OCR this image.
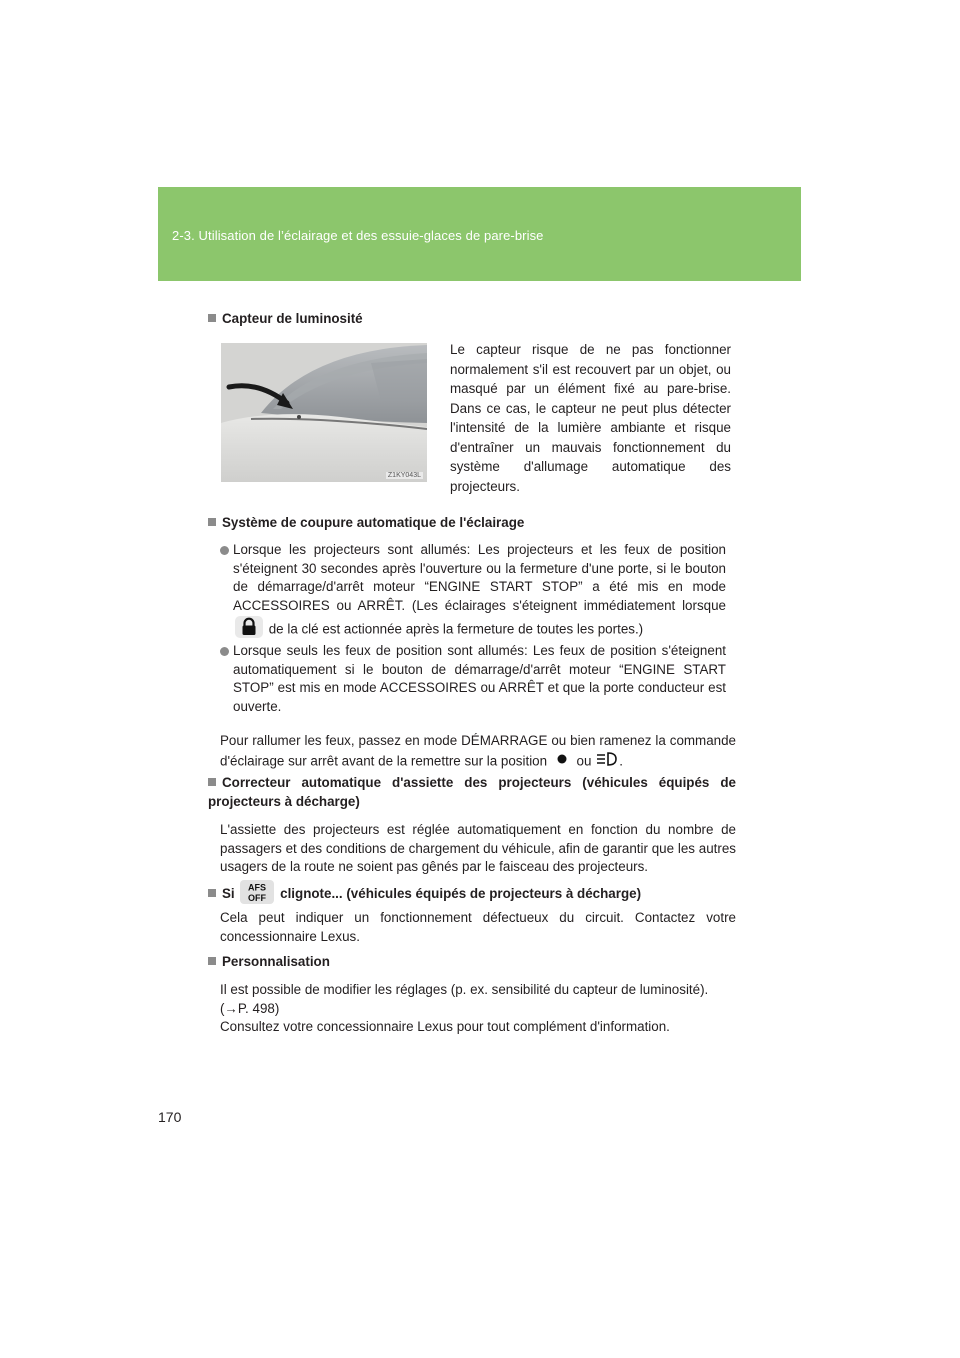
2-3. Utilisation de l’éclairage et des essuie-glaces de pare-brise
Capteur de luminosité
Z1KY043L
Le capteur risque de ne pas fonctionner normalement s'il est recouvert par un objet, ou masqué par un élément fixé au pare-brise. Dans ce cas, le capteur ne peut plus détecter l'intensité de la lumière ambiante et risque d'entraîner un mauvais fonctionnement du système d'allumage automatique des projecteurs.
Système de coupure automatique de l'éclairage
Lorsque les projecteurs sont allumés: Les projecteurs et les feux de position s'éteignent 30 secondes après l'ouverture ou la fermeture d'une porte, si le bouton de démarrage/d'arrêt moteur “ENGINE START STOP” a été mis en mode ACCESSOIRES ou ARRÊT. (Les éclairages s'éteignent immédiatement lorsque  de la clé est actionnée après la fermeture de toutes les portes.)
Lorsque seuls les feux de position sont allumés: Les feux de position s'éteignent automatiquement si le bouton de démarrage/d'arrêt moteur “ENGINE START STOP” est mis en mode ACCESSOIRES ou ARRÊT et que la porte conducteur est ouverte.
Pour rallumer les feux, passez en mode DÉMARRAGE ou bien ramenez la commande d'éclairage sur arrêt avant de la remettre sur la position ou .
Correcteur automatique d'assiette des projecteurs (véhicules équipés de projecteurs à décharge)
L'assiette des projecteurs est réglée automatiquement en fonction du nombre de passagers et des conditions de chargement du véhicule, afin de garantir que les autres usagers de la route ne soient pas gênés par le faisceau des projecteurs.
Si AFS
OFF clignote... (véhicules équipés de projecteurs à décharge)
Cela peut indiquer un fonctionnement défectueux du circuit. Contactez votre concessionnaire Lexus.
Personnalisation
Il est possible de modifier les réglages (p. ex. sensibilité du capteur de luminosité).
(→P. 498)
Consultez votre concessionnaire Lexus pour tout complément d'information.
170
